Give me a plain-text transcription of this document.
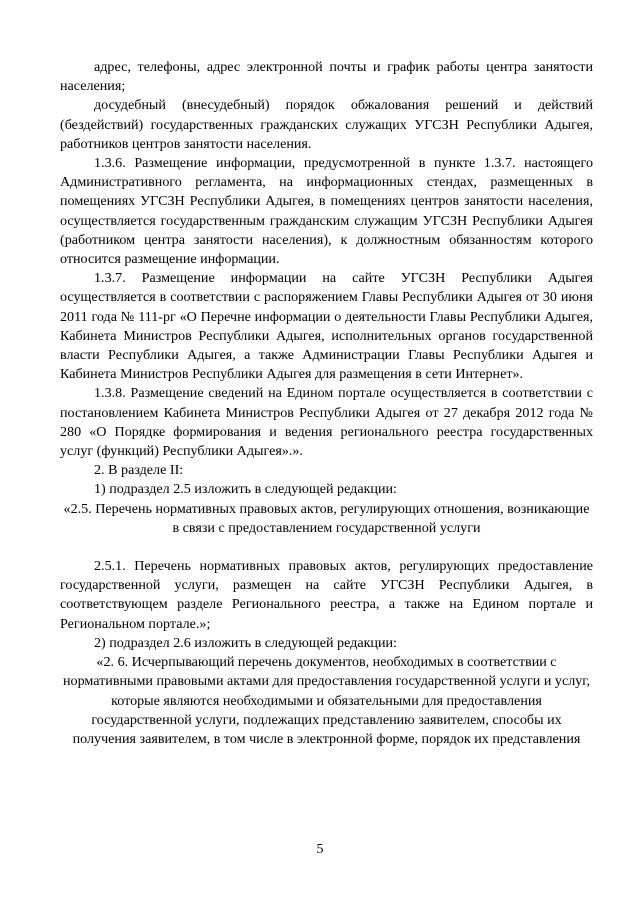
адрес, телефоны, адрес электронной почты и график работы центра занятости населения;

досудебный (внесудебный) порядок обжалования решений и действий (бездействий) государственных гражданских служащих УГСЗН Республики Адыгея, работников центров занятости населения.

1.3.6. Размещение информации, предусмотренной в пункте 1.3.7. настоящего Административного регламента, на информационных стендах, размещенных в помещениях УГСЗН Республики Адыгея, в помещениях центров занятости населения, осуществляется государственным гражданским служащим УГСЗН Республики Адыгея (работником центра занятости населения), к должностным обязанностям которого относится размещение информации.

1.3.7. Размещение информации на сайте УГСЗН Республики Адыгея осуществляется в соответствии с распоряжением Главы Республики Адыгея от 30 июня 2011 года № 111-рг «О Перечне информации о деятельности Главы Республики Адыгея, Кабинета Министров Республики Адыгея, исполнительных органов государственной власти Республики Адыгея, а также Администрации Главы Республики Адыгея и Кабинета Министров Республики Адыгея для размещения в сети Интернет».

1.3.8. Размещение сведений на Едином портале осуществляется в соответствии с постановлением Кабинета Министров Республики Адыгея от 27 декабря 2012 года № 280 «О Порядке формирования и ведения регионального реестра государственных услуг (функций) Республики Адыгея».».

2. В разделе II:

1) подраздел 2.5 изложить в следующей редакции:

«2.5. Перечень нормативных правовых актов, регулирующих отношения, возникающие в связи с предоставлением государственной услуги

2.5.1. Перечень нормативных правовых актов, регулирующих предоставление государственной услуги, размещен на сайте УГСЗН Республики Адыгея, в соответствующем разделе Регионального реестра, а также на Едином портале и Региональном портале.»;

2) подраздел 2.6 изложить в следующей редакции:

«2. 6. Исчерпывающий перечень документов, необходимых в соответствии с нормативными правовыми актами для предоставления государственной услуги и услуг, которые являются необходимыми и обязательными для предоставления государственной услуги, подлежащих представлению заявителем, способы их получения заявителем, в том числе в электронной форме, порядок их представления

5
